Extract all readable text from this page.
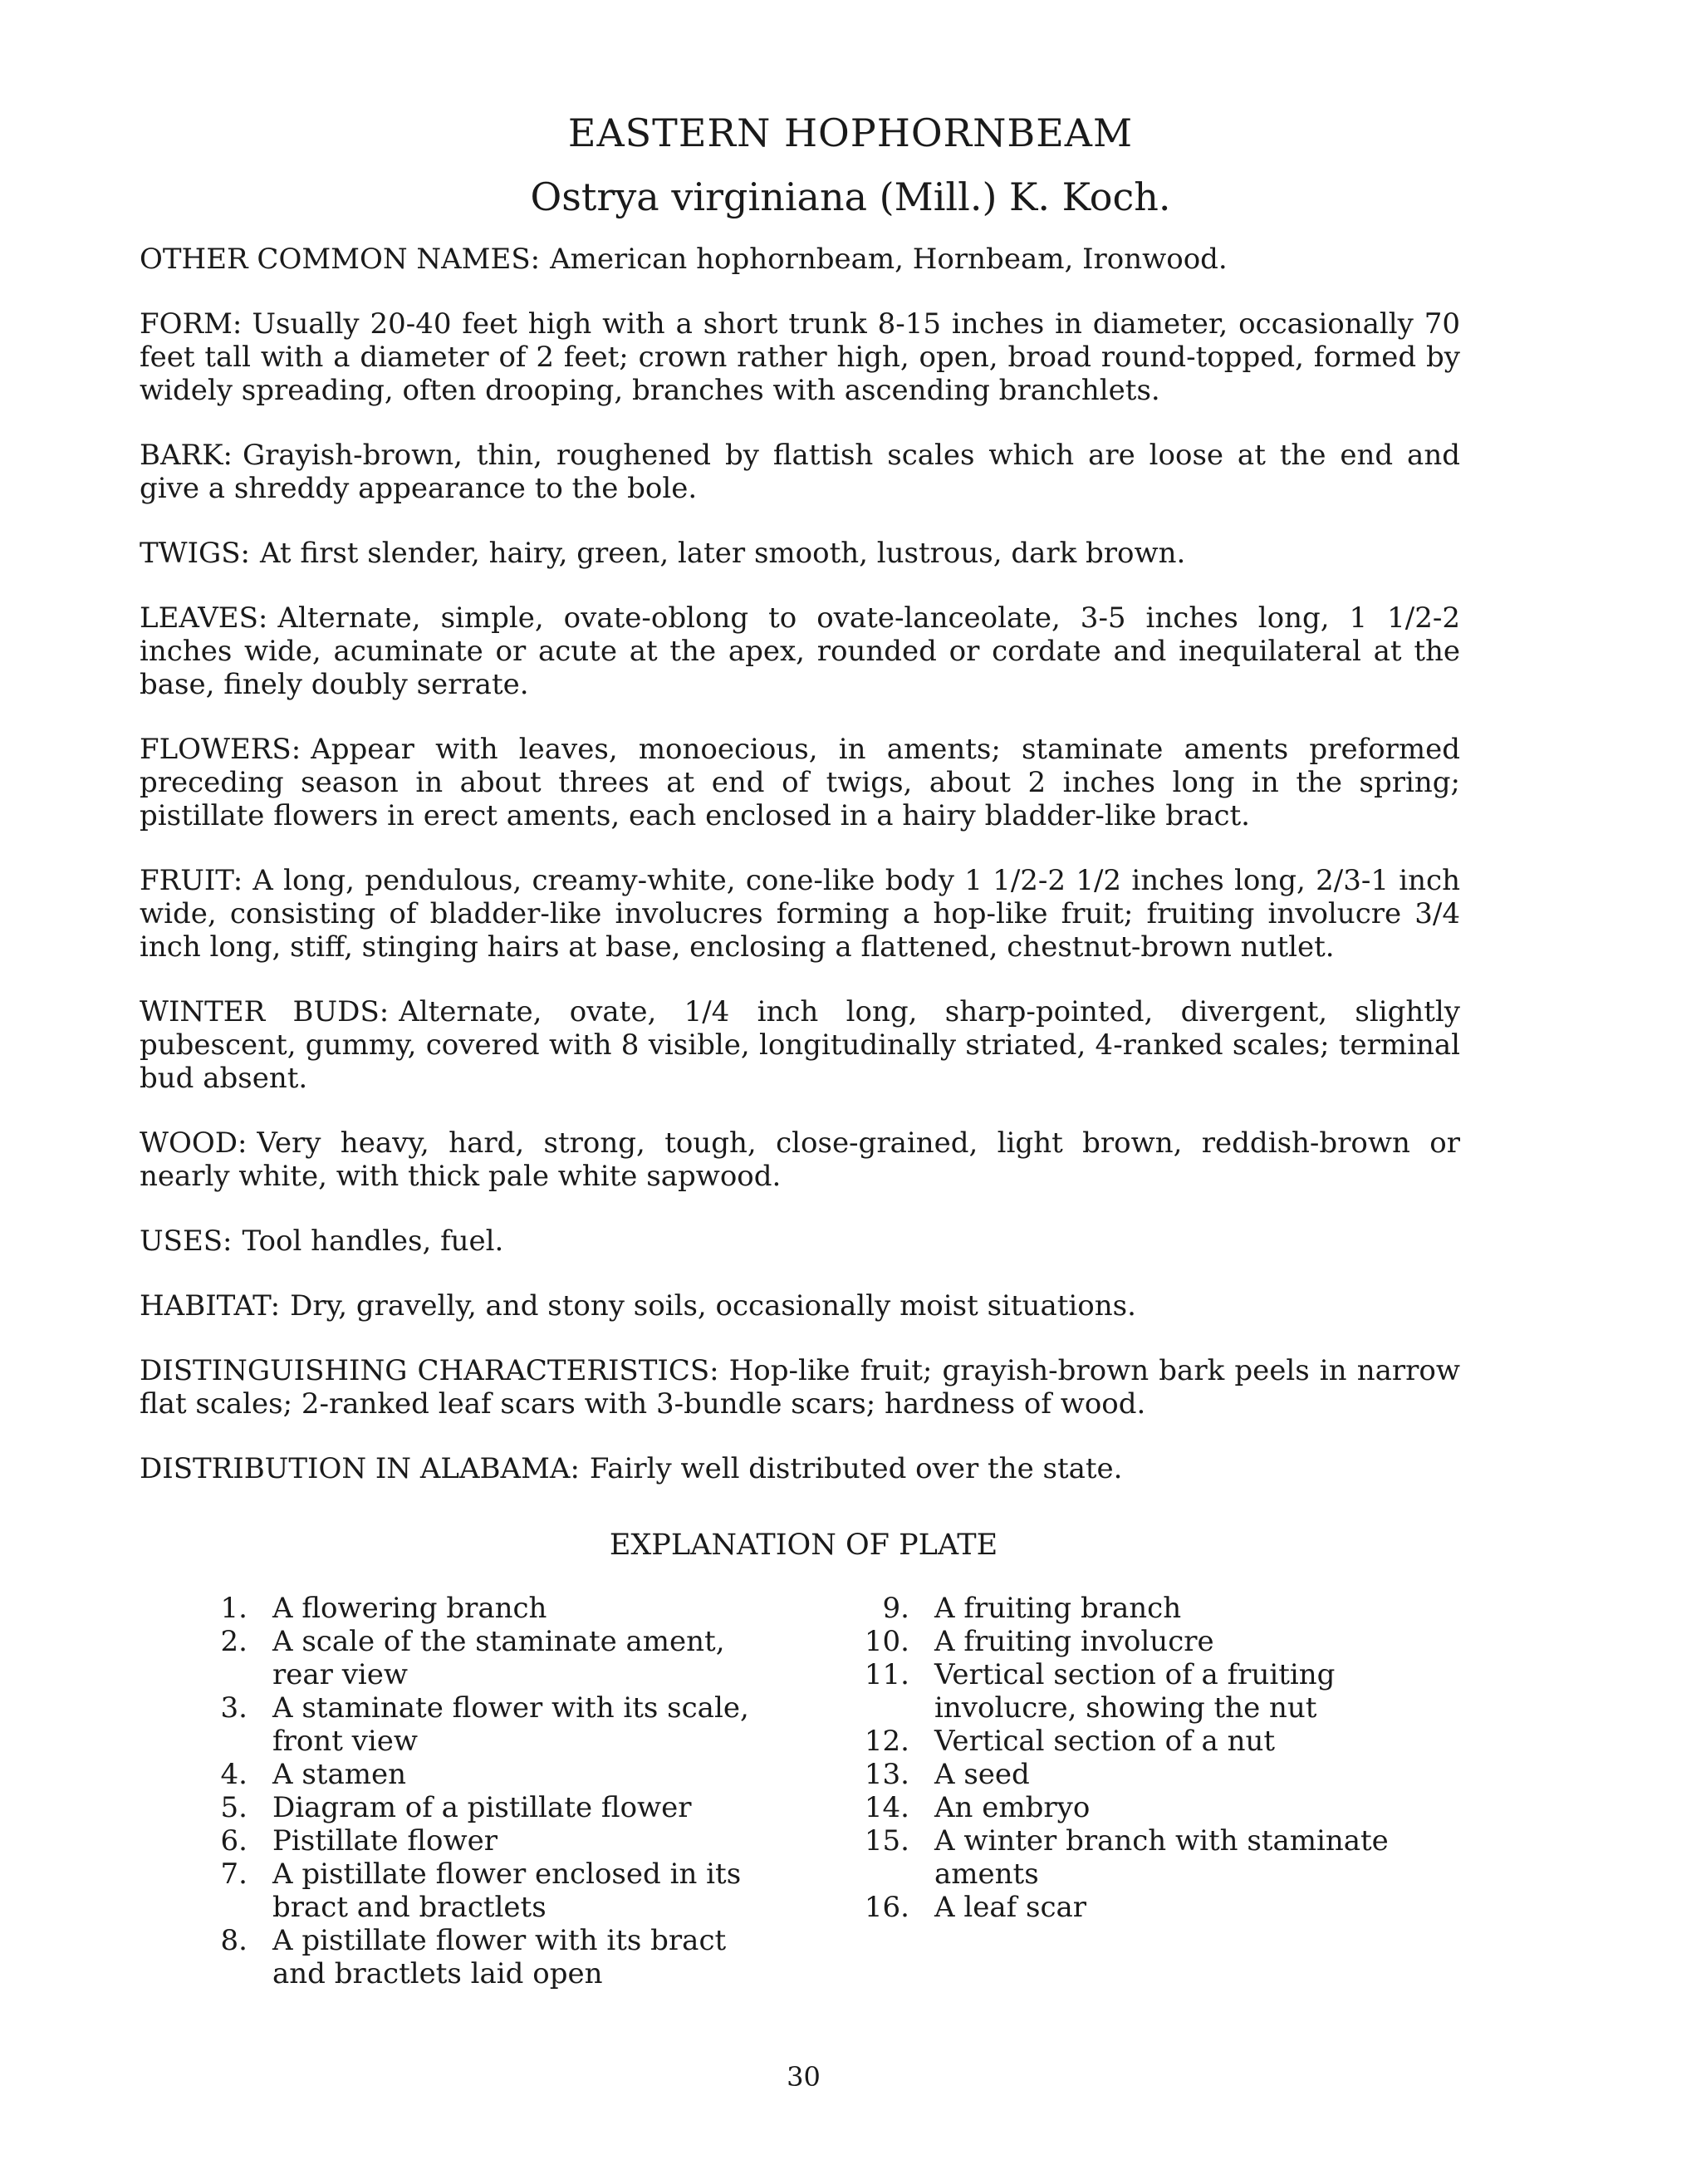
EASTERN HOPHORNBEAM
Ostrya virginiana (Mill.) K. Koch.

OTHER COMMON NAMES: American hophornbeam, Hornbeam, Ironwood.

FORM: Usually 20-40 feet high with a short trunk 8-15 inches in diameter, occasionally 70 feet tall with a diameter of 2 feet; crown rather high, open, broad round-topped, formed by widely spreading, often drooping, branches with ascending branchlets.

BARK: Grayish-brown, thin, roughened by flattish scales which are loose at the end and give a shreddy appearance to the bole.

TWIGS: At first slender, hairy, green, later smooth, lustrous, dark brown.

LEAVES: Alternate, simple, ovate-oblong to ovate-lanceolate, 3-5 inches long, 1 1/2-2 inches wide, acuminate or acute at the apex, rounded or cordate and inequilateral at the base, finely doubly serrate.

FLOWERS: Appear with leaves, monoecious, in aments; staminate aments preformed preceding season in about threes at end of twigs, about 2 inches long in the spring; pistillate flowers in erect aments, each enclosed in a hairy bladder-like bract.

FRUIT: A long, pendulous, creamy-white, cone-like body 1 1/2-2 1/2 inches long, 2/3-1 inch wide, consisting of bladder-like involucres forming a hop-like fruit; fruiting involucre 3/4 inch long, stiff, stinging hairs at base, enclosing a flattened, chestnut-brown nutlet.

WINTER BUDS: Alternate, ovate, 1/4 inch long, sharp-pointed, divergent, slightly pubescent, gummy, covered with 8 visible, longitudinally striated, 4-ranked scales; terminal bud absent.

WOOD: Very heavy, hard, strong, tough, close-grained, light brown, reddish-brown or nearly white, with thick pale white sapwood.

USES: Tool handles, fuel.

HABITAT: Dry, gravelly, and stony soils, occasionally moist situations.

DISTINGUISHING CHARACTERISTICS: Hop-like fruit; grayish-brown bark peels in narrow flat scales; 2-ranked leaf scars with 3-bundle scars; hardness of wood.

DISTRIBUTION IN ALABAMA: Fairly well distributed over the state.

EXPLANATION OF PLATE
1. A flowering branch
2. A scale of the staminate ament, rear view
3. A staminate flower with its scale, front view
4. A stamen
5. Diagram of a pistillate flower
6. Pistillate flower
7. A pistillate flower enclosed in its bract and bractlets
8. A pistillate flower with its bract and bractlets laid open
9. A fruiting branch
10. A fruiting involucre
11. Vertical section of a fruiting involucre, showing the nut
12. Vertical section of a nut
13. A seed
14. An embryo
15. A winter branch with staminate aments
16. A leaf scar
30
